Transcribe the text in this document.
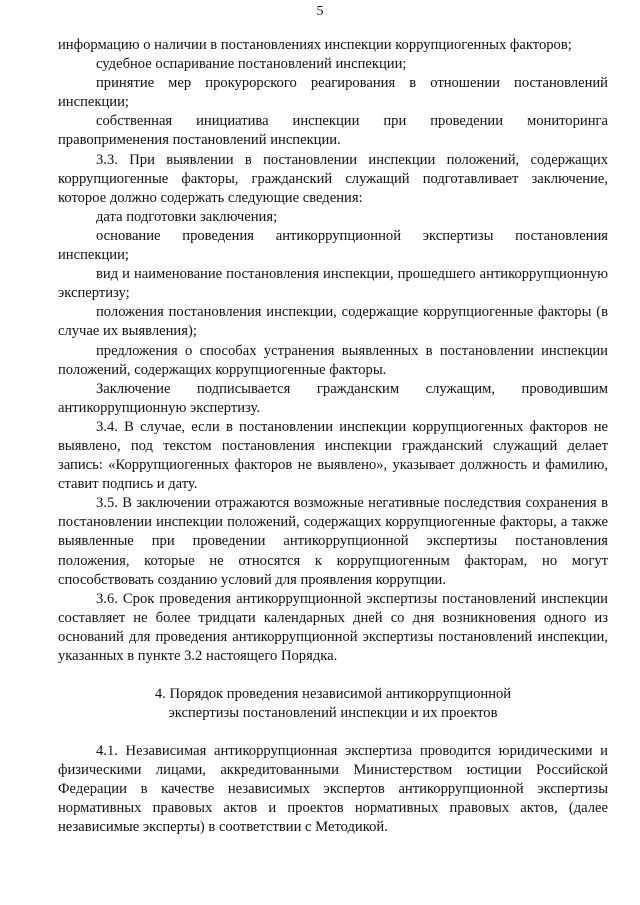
5

информацию о наличии в постановлениях инспекции коррупциогенных факторов;

судебное оспаривание постановлений инспекции;

принятие мер прокурорского реагирования в отношении постановлений инспекции;

собственная инициатива инспекции при проведении мониторинга правоприменения постановлений инспекции.

3.3. При выявлении в постановлении инспекции положений, содержащих коррупциогенные факторы, гражданский служащий подготавливает заключение, которое должно содержать следующие сведения:

дата подготовки заключения;

основание проведения антикоррупционной экспертизы постановления инспекции;

вид и наименование постановления инспекции, прошедшего антикоррупционную экспертизу;

положения постановления инспекции, содержащие коррупциогенные факторы (в случае их выявления);

предложения о способах устранения выявленных в постановлении инспекции положений, содержащих коррупциогенные факторы.

Заключение подписывается гражданским служащим, проводившим антикоррупционную экспертизу.

3.4. В случае, если в постановлении инспекции коррупциогенных факторов не выявлено, под текстом постановления инспекции гражданский служащий делает запись: «Коррупциогенных факторов не выявлено», указывает должность и фамилию, ставит подпись и дату.

3.5. В заключении отражаются возможные негативные последствия сохранения в постановлении инспекции положений, содержащих коррупциогенные факторы, а также выявленные при проведении антикоррупционной экспертизы постановления положения, которые не относятся к коррупциогенным факторам, но могут способствовать созданию условий для проявления коррупции.

3.6. Срок проведения антикоррупционной экспертизы постановлений инспекции составляет не более тридцати календарных дней со дня возникновения одного из оснований для проведения антикоррупционной экспертизы постановлений инспекции, указанных в пункте 3.2 настоящего Порядка.

4. Порядок проведения независимой антикоррупционной
экспертизы постановлений инспекции и их проектов

4.1. Независимая антикоррупционная экспертиза проводится юридическими и физическими лицами, аккредитованными Министерством юстиции Российской Федерации в качестве независимых экспертов антикоррупционной экспертизы нормативных правовых актов и проектов нормативных правовых актов, (далее независимые эксперты) в соответствии с Методикой.
